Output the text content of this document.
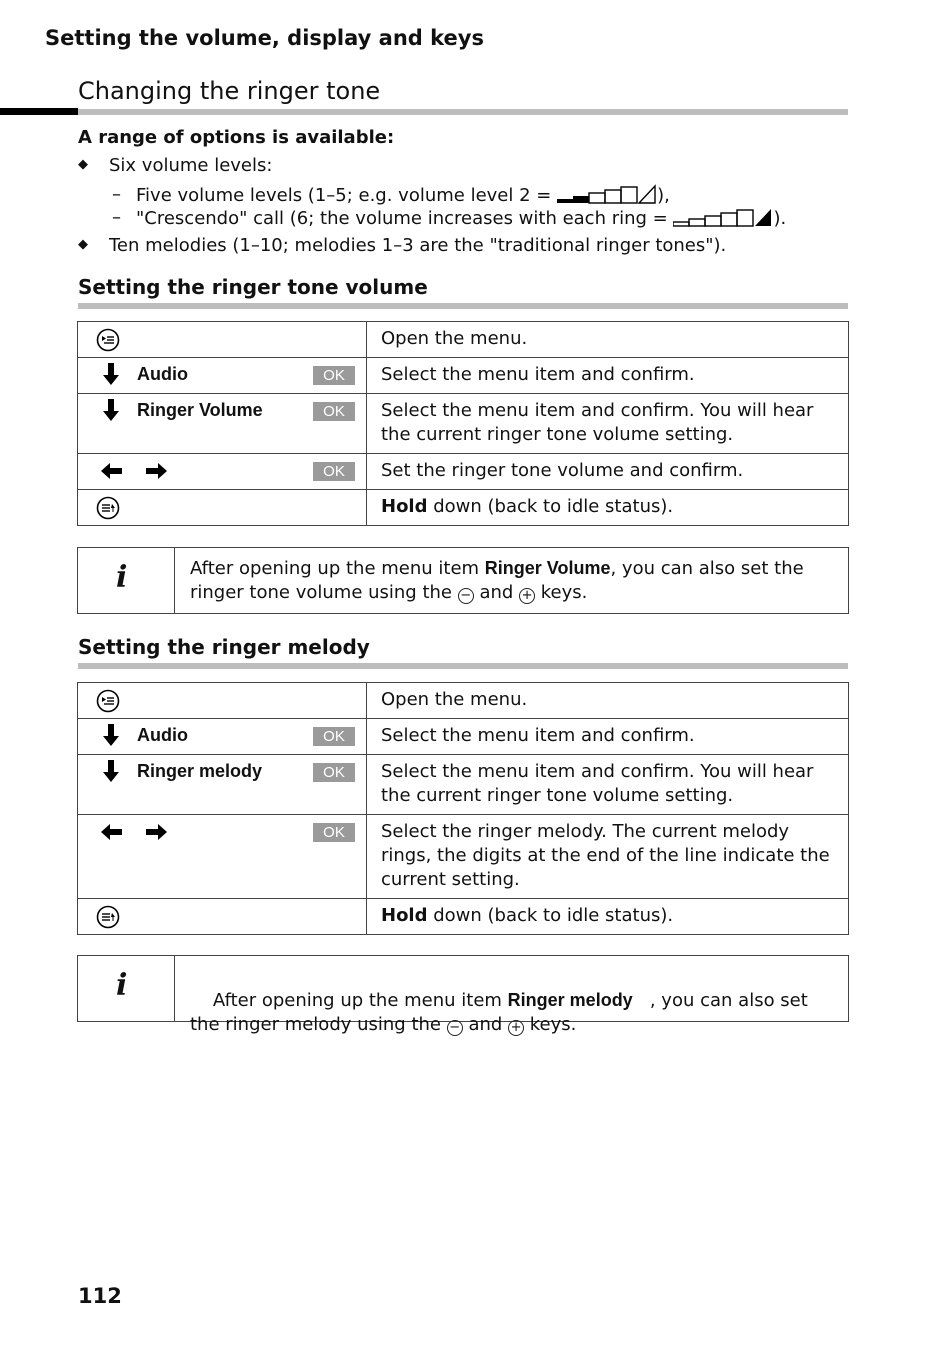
Setting the volume, display and keys
Changing the ringer tone
A range of options is available:
◆ Six volume levels:
– Five volume levels (1–5; e.g. volume level 2 =	),
– "Crescendo" call (6; the volume increases with each ring =	).
◆ Ten melodies (1–10; melodies 1–3 are the "traditional ringer tones").
Setting the ringer tone volume
	Open the menu.

Audio OK	Select the menu item and confirm.

Ringer Volume OK	Select the menu item and confirm. You will hear the current ringer tone volume setting.

OK	Set the ringer tone volume and confirm.

	Hold down (back to idle status).
i	After opening up the menu item Ringer Volume, you can also set the ringer tone volume using the − and + keys.
Setting the ringer melody
	Open the menu.

Audio OK	Select the menu item and confirm.

Ringer melody OK	Select the menu item and confirm. You will hear the current ringer tone volume setting.

OK	Select the ringer melody. The current melody rings, the digits at the end of the line indicate the current setting.

	Hold down (back to idle status).
i	After opening up the menu item Ringer melody   , you can also set the ringer melody using the − and + keys.

112
